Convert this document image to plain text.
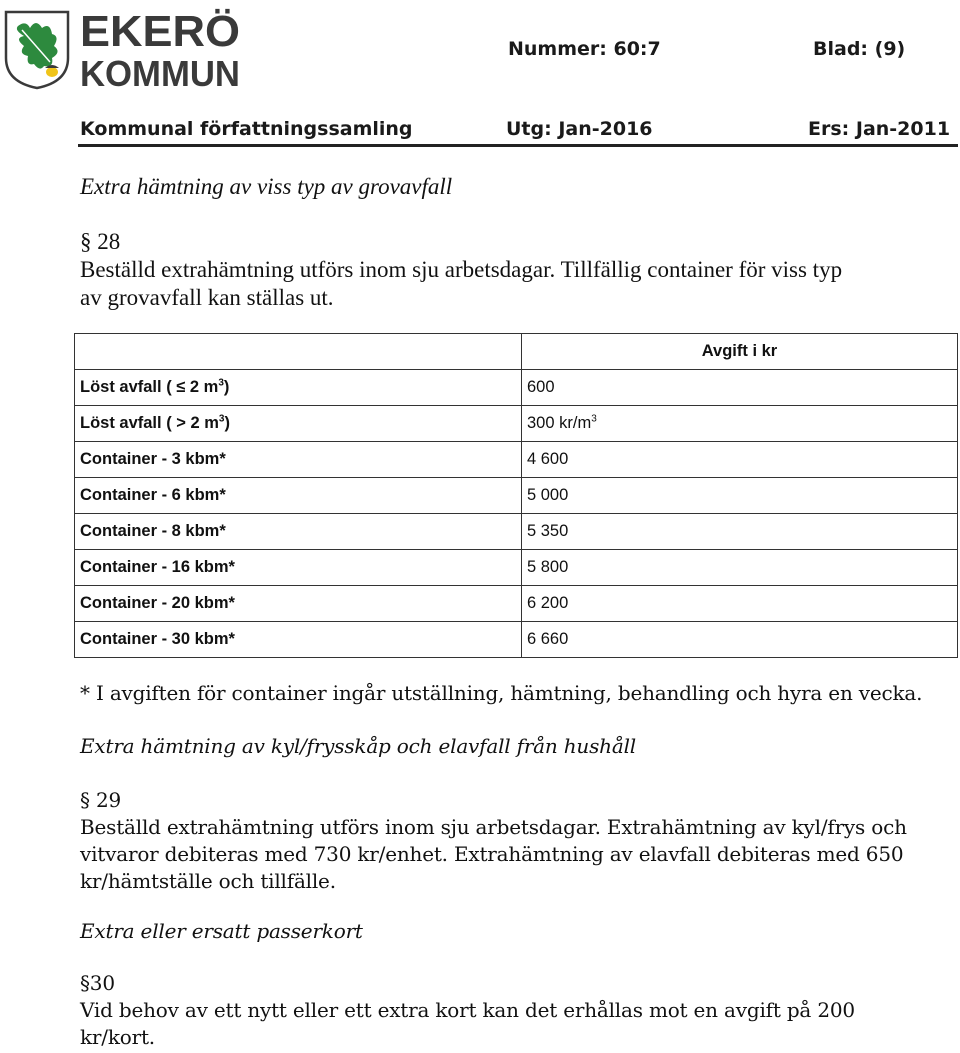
EKERÖ
KOMMUN
Nummer: 60:7	Blad: (9)
Kommunal författningssamling	Utg: Jan-2016	Ers: Jan-2011
Extra hämtning av viss typ av grovavfall
§ 28
Beställd extrahämtning utförs inom sju arbetsdagar. Tillfällig container för viss typ
av grovavfall kan ställas ut.
	Avgift i kr
Löst avfall ( ≤ 2 $m^3$)	600
Löst avfall ( > 2 $m^3$)	300 $kr/m^3$
Container - 3 kbm*	4 600
Container - 6 kbm*	5 000
Container - 8 kbm*	5 350
Container - 16 kbm*	5 800
Container - 20 kbm*	6 200
Container - 30 kbm*	6 660
* I avgiften för container ingår utställning, hämtning, behandling och hyra en vecka.
Extra hämtning av kyl/frysskåp och elavfall från hushåll
§ 29
Beställd extrahämtning utförs inom sju arbetsdagar. Extrahämtning av kyl/frys och
vitvaror debiteras med 730 kr/enhet. Extrahämtning av elavfall debiteras med 650
kr/hämtställe och tillfälle.
Extra eller ersatt passerkort
§30
Vid behov av ett nytt eller ett extra kort kan det erhållas mot en avgift på 200
kr/kort.
